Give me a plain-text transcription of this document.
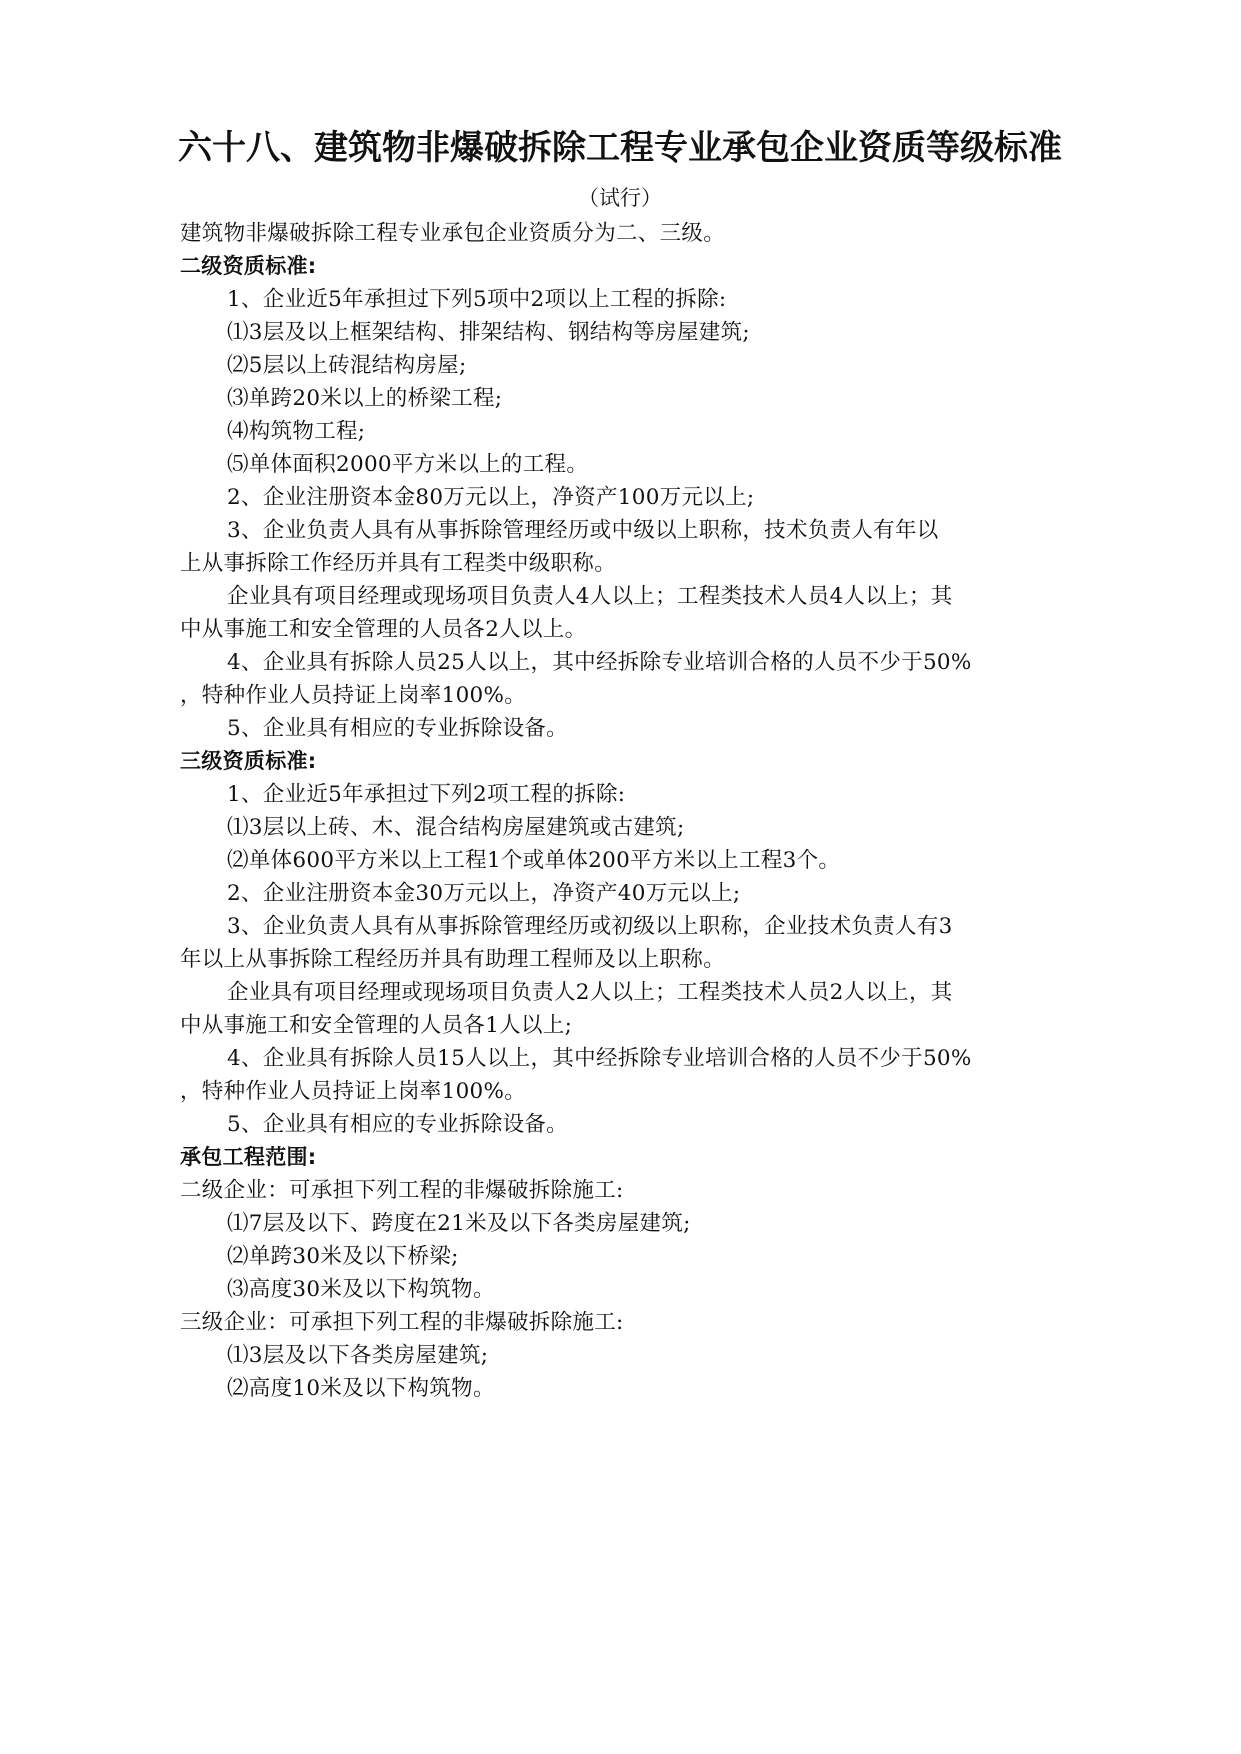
六十八、建筑物非爆破拆除工程专业承包企业资质等级标准
（试行）
建筑物非爆破拆除工程专业承包企业资质分为二、三级。
二级资质标准:
1、企业近5年承担过下列5项中2项以上工程的拆除:
⑴3层及以上框架结构、排架结构、钢结构等房屋建筑;
⑵5层以上砖混结构房屋;
⑶单跨20米以上的桥梁工程;
⑷构筑物工程;
⑸单体面积2000平方米以上的工程。
2、企业注册资本金80万元以上，净资产100万元以上;
3、企业负责人具有从事拆除管理经历或中级以上职称，技术负责人有年以
上从事拆除工作经历并具有工程类中级职称。
企业具有项目经理或现场项目负责人4人以上；工程类技术人员4人以上；其
中从事施工和安全管理的人员各2人以上。
4、企业具有拆除人员25人以上，其中经拆除专业培训合格的人员不少于50%
，特种作业人员持证上岗率100%。
5、企业具有相应的专业拆除设备。
三级资质标准:
1、企业近5年承担过下列2项工程的拆除:
⑴3层以上砖、木、混合结构房屋建筑或古建筑;
⑵单体600平方米以上工程1个或单体200平方米以上工程3个。
2、企业注册资本金30万元以上，净资产40万元以上;
3、企业负责人具有从事拆除管理经历或初级以上职称，企业技术负责人有3
年以上从事拆除工程经历并具有助理工程师及以上职称。
企业具有项目经理或现场项目负责人2人以上；工程类技术人员2人以上，其
中从事施工和安全管理的人员各1人以上;
4、企业具有拆除人员15人以上，其中经拆除专业培训合格的人员不少于50%
，特种作业人员持证上岗率100%。
5、企业具有相应的专业拆除设备。
承包工程范围:
二级企业：可承担下列工程的非爆破拆除施工:
⑴7层及以下、跨度在21米及以下各类房屋建筑;
⑵单跨30米及以下桥梁;
⑶高度30米及以下构筑物。
三级企业：可承担下列工程的非爆破拆除施工:
⑴3层及以下各类房屋建筑;
⑵高度10米及以下构筑物。
